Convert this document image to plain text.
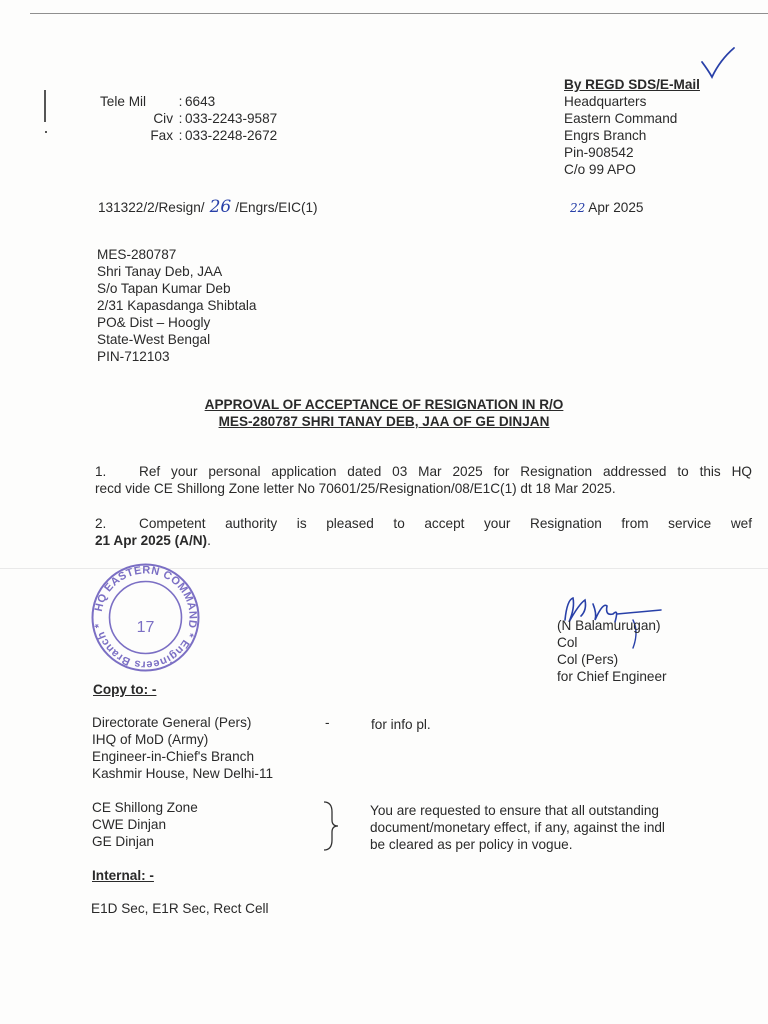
Tele Mil	: 6643
Civ : 033-2243-9587
Fax : 033-2248-2672
By REGD SDS/E-Mail
Headquarters
Eastern Command
Engrs Branch
Pin-908542
C/o 99 APO
131322/2/Resign/ 26 /Engrs/EIC(1)	22 Apr 2025
MES-280787
Shri Tanay Deb, JAA
S/o Tapan Kumar Deb
2/31 Kapasdanga Shibtala
PO& Dist – Hoogly
State-West Bengal
PIN-712103
APPROVAL OF ACCEPTANCE OF RESIGNATION IN R/O
MES-280787 SHRI TANAY DEB, JAA OF GE DINJAN
1. Ref your personal application dated 03 Mar 2025 for Resignation addressed to this HQ
recd vide CE Shillong Zone letter No 70601/25/Resignation/08/E1C(1) dt 18 Mar 2025.
2. Competent authority is pleased to accept your Resignation from service wef
21 Apr 2025 (A/N).
HQ EASTERN COMMAND * Engineers Branch *	17	(N Balamurugan)
Col
Col (Pers)
for Chief Engineer
Copy to: -
Directorate General (Pers)
IHQ of MoD (Army)
Engineer-in-Chief's Branch
Kashmir House, New Delhi-11
-	for info pl.
CE Shillong Zone
CWE Dinjan
GE Dinjan
You are requested to ensure that all outstanding
document/monetary effect, if any, against the indl
be cleared as per policy in vogue.
Internal: -
E1D Sec, E1R Sec, Rect Cell
